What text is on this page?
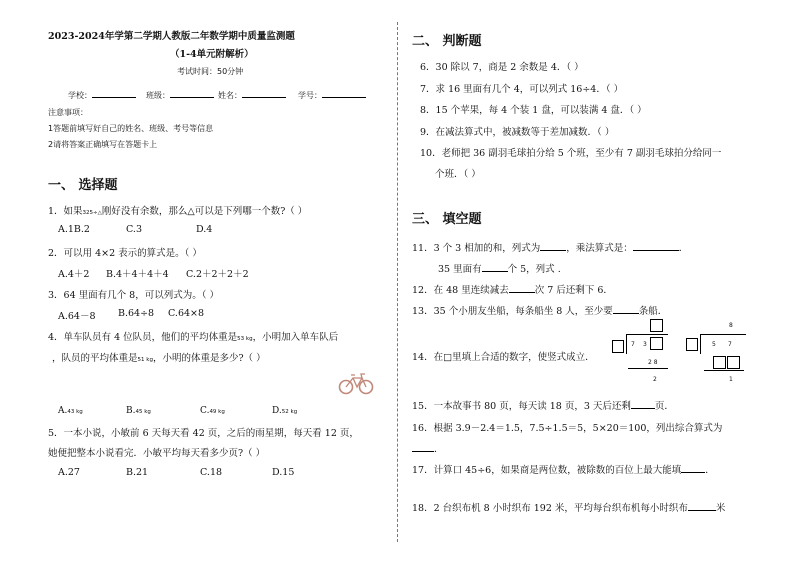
2023-2024年学第二学期人教版二年数学期中质量监测题
（1-4单元附解析）
考试时间：50分钟
学校：	班级：	姓名：	学号：
注意事项：
1答题前填写好自己的姓名、班级、考号等信息
2请将答案正确填写在答题卡上
一、 选择题
1．如果325÷△刚好没有余数，那么△可以是下列哪一个数?（ ）
A.1B.2	C.3	D.4
2．可以用 4×2 表示的算式是。（ ）
A.4＋2 B.4＋4＋4＋4 C.2＋2＋2＋2
3．64 里面有几个 8，可以列式为。（ ）
A.64－8 B.64÷8 C.64×8
4．单车队员有 4 位队员，他们的平均体重是53 kg，小明加入单车队后
，队员的平均体重是51 kg，小明的体重是多少?（ ）
A.43 kg	B.45 kg	C.49 kg	D.52 kg
5．一本小说，小敏前 6 天每天看 42 页，之后的雨星期，每天看 12 页，
她便把整本小说看完．小敏平均每天看多少页?（ ）
A.27	B.21	C.18	D.15
二、 判断题
6．30 除以 7，商是 2 余数是 4．（ ）
7．求 16 里面有几个 4，可以列式 16÷4．（ ）
8．15 个苹果，每 4 个装 1 盘，可以装满 4 盘．（ ）
9．在减法算式中，被减数等于差加减数．（ ）
10．老师把 36 副羽毛球拍分给 5 个班，至少有 7 副羽毛球拍分给同一
个班．（ ）
三、 填空题
11．3 个 3 相加的和，列式为	，乘法算式是：	．
35 里面有	个 5，列式 .
12．在 48 里连续减去	次 7 后还剩下 6．
13．35 个小朋友坐船，每条船坐 8 人，至少要	条船．
14．在□里填上合适的数字，使竖式成立．
7 3
2 8
2
8
5 7
1
15．一本故事书 80 页，每天读 18 页，3 天后还剩	页．
16．根据 3.9－2.4＝1.5，7.5÷1.5＝5，5×20＝100，列出综合算式为
．
17．计算口 45÷6，如果商是两位数，被除数的百位上最大能填	．
18．2 台织布机 8 小时织布 192 米，平均每台织布机每小时织布	米
